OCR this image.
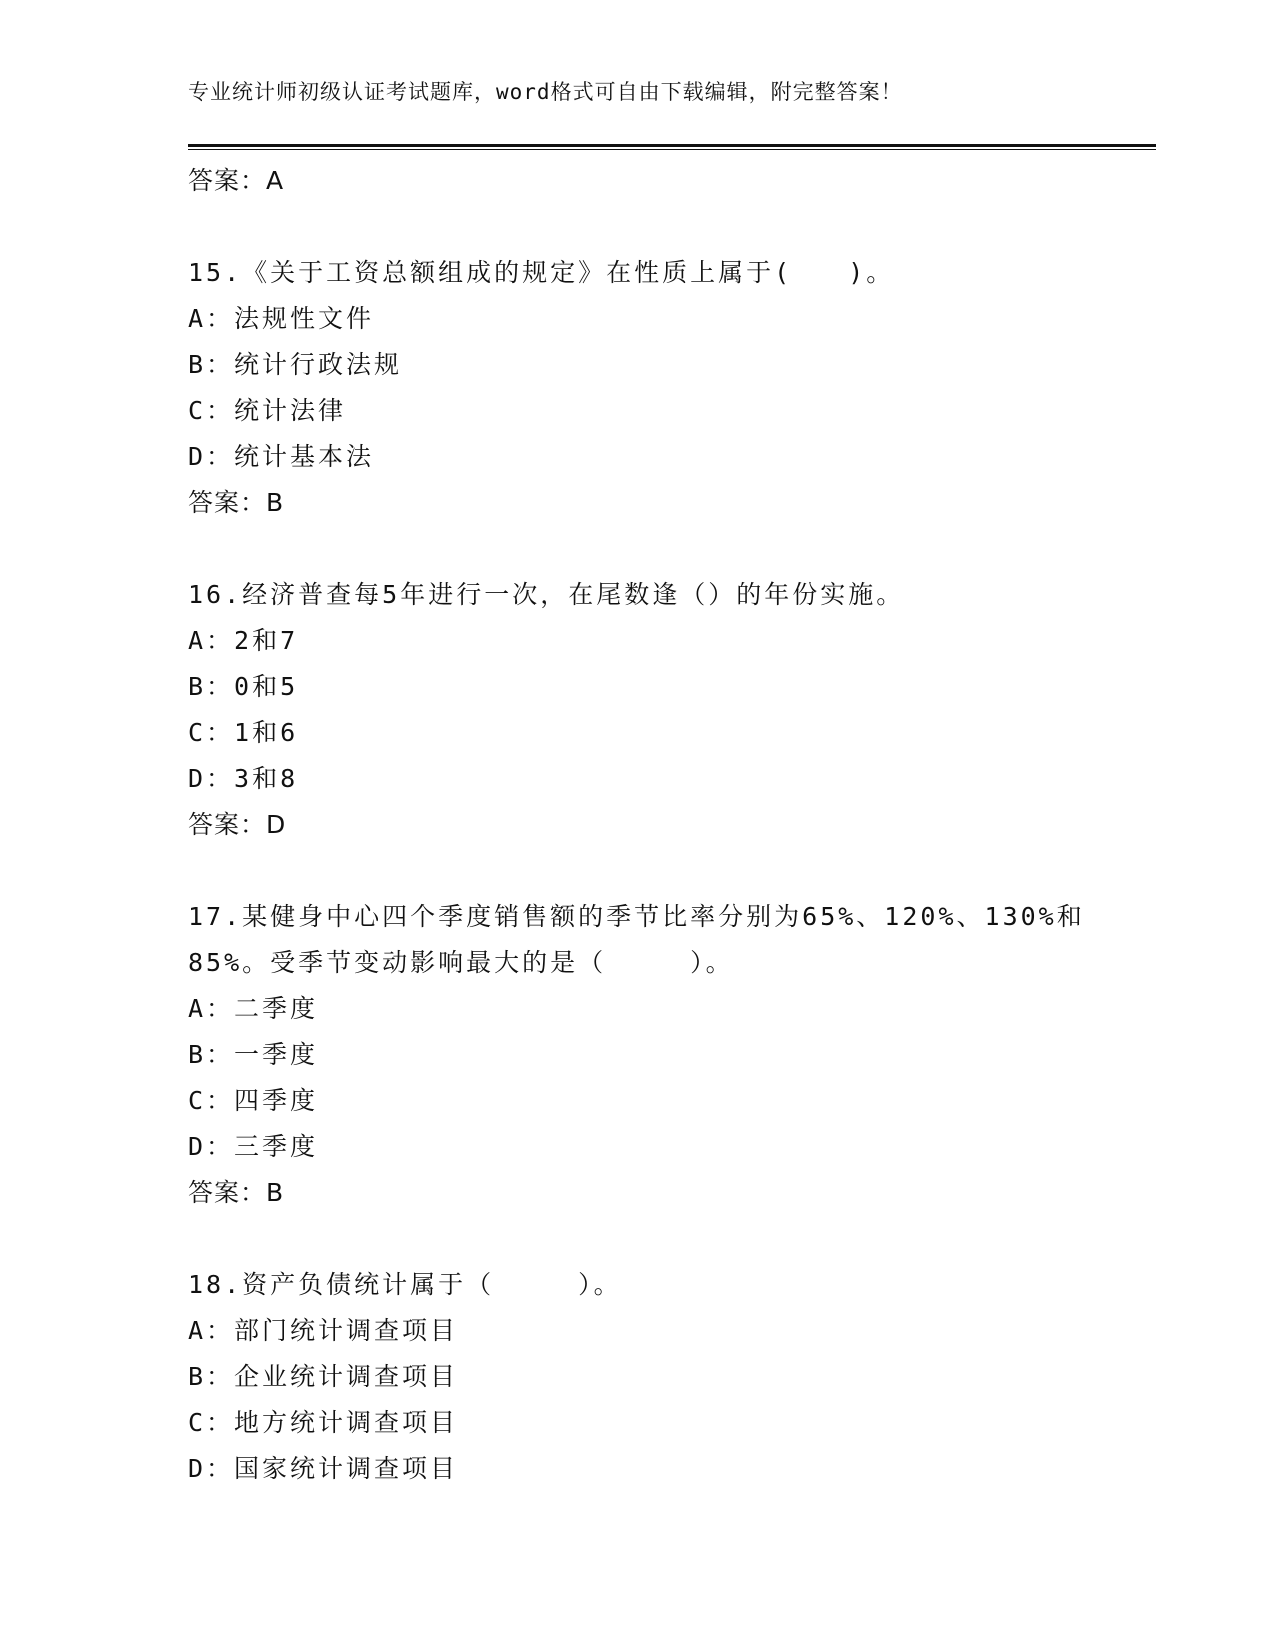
专业统计师初级认证考试题库，word格式可自由下载编辑，附完整答案！
答案：A
15.《关于工资总额组成的规定》在性质上属于(　　)。
A：法规性文件
B：统计行政法规
C：统计法律
D：统计基本法
答案：B
16.经济普查每5年进行一次，在尾数逢（）的年份实施。
A：2和7
B：0和5
C：1和6
D：3和8
答案：D
17.某健身中心四个季度销售额的季节比率分别为65%、120%、130%和
85%。受季节变动影响最大的是（　　　）。
A：二季度
B：一季度
C：四季度
D：三季度
答案：B
18.资产负债统计属于（　　　）。
A：部门统计调查项目
B：企业统计调查项目
C：地方统计调查项目
D：国家统计调查项目
